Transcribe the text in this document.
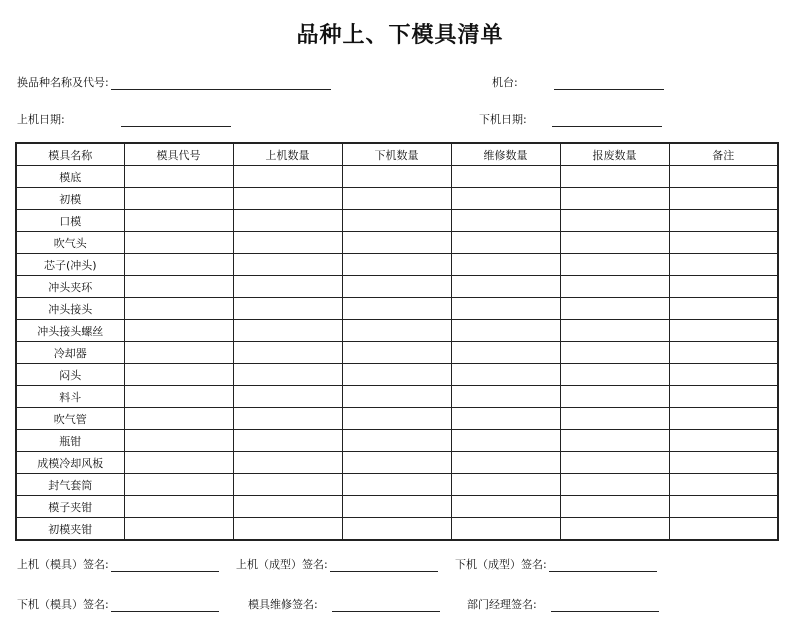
品种上、下模具清单
换品种名称及代号:	机台:
上机日期:	下机日期:
模具名称	模具代号	上机数量	下机数量	维修数量	报废数量	备注
模底						
初模						
口模						
吹气头						
芯子(冲头)						
冲头夹环						
冲头接头						
冲头接头螺丝						
冷却器						
闷头						
料斗						
吹气管						
瓶钳						
成模冷却风板						
封气套筒						
模子夹钳						
初模夹钳						
上机（模具）签名:	上机（成型）签名:	下机（成型）签名:
下机（模具）签名:	模具维修签名:	部门经理签名:
